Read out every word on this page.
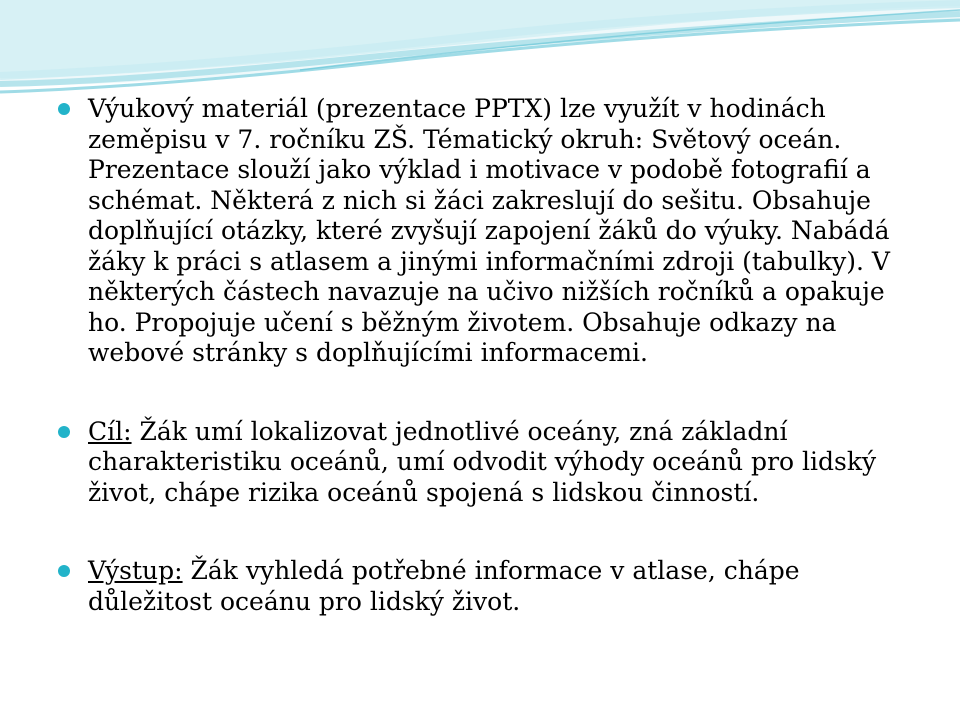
Výukový materiál (prezentace PPTX) lze využít v hodinách zeměpisu v 7. ročníku ZŠ. Tématický okruh: Světový oceán. Prezentace slouží jako výklad i motivace v podobě fotografií a schémat. Některá z nich si žáci zakreslují do sešitu. Obsahuje doplňující otázky, které zvyšují zapojení žáků do výuky. Nabádá žáky k práci s atlasem a jinými informačními zdroji (tabulky). V některých částech navazuje na učivo nižších ročníků a opakuje ho. Propojuje učení s běžným životem. Obsahuje odkazy na webové stránky s doplňujícími informacemi.
Cíl: Žák umí lokalizovat jednotlivé oceány, zná základní charakteristiku oceánů, umí odvodit výhody oceánů pro lidský život, chápe rizika oceánů spojená s lidskou činností.
Výstup: Žák vyhledá potřebné informace v atlase, chápe důležitost oceánu pro lidský život.
